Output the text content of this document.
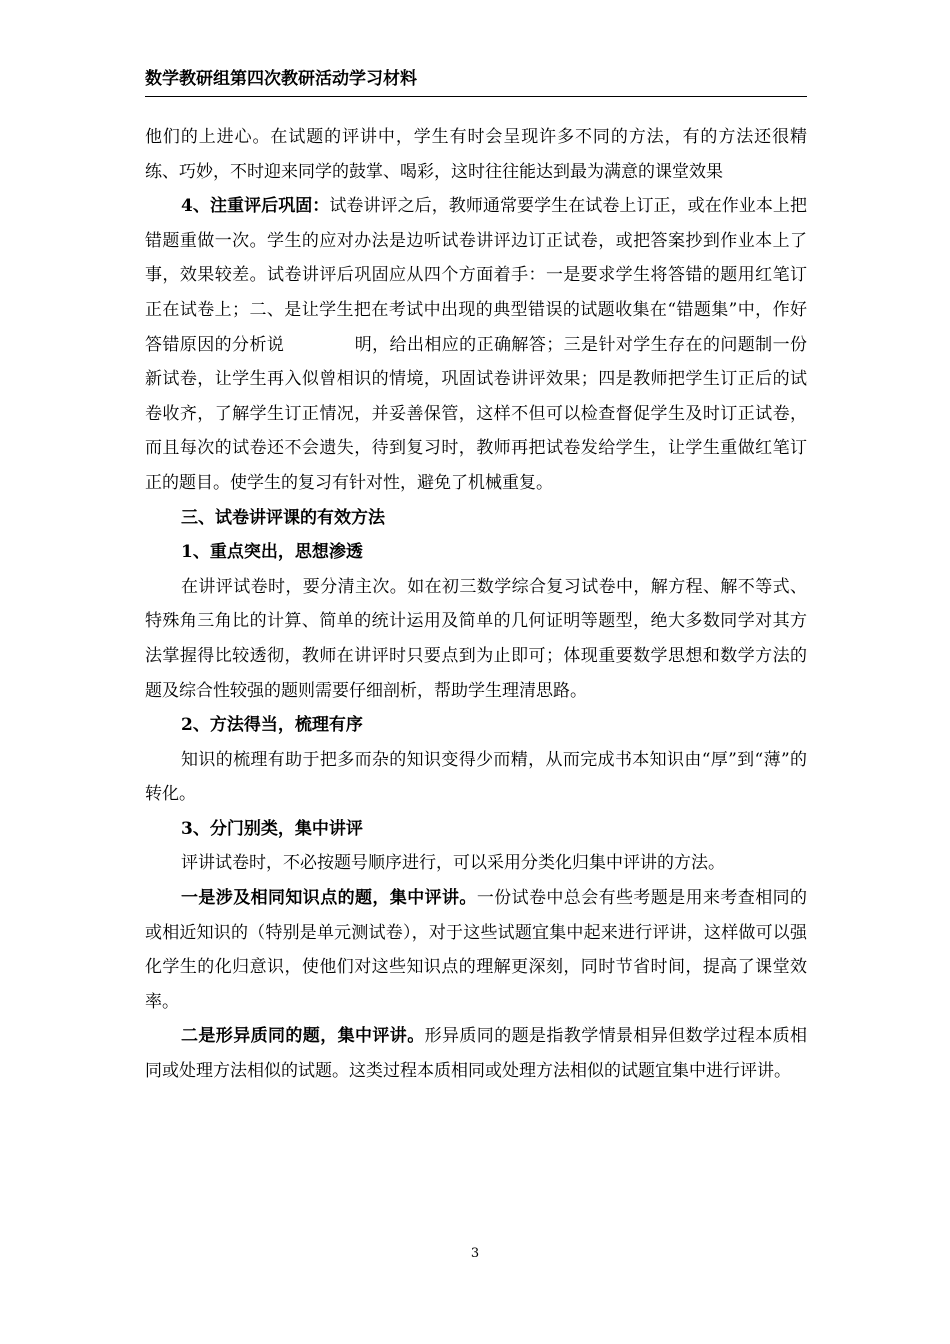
数学教研组第四次教研活动学习材料

他们的上进心。在试题的评讲中，学生有时会呈现许多不同的方法，有的方法还很精练、巧妙，不时迎来同学的鼓掌、喝彩，这时往往能达到最为满意的课堂效果

4、注重评后巩固：试卷讲评之后，教师通常要学生在试卷上订正，或在作业本上把错题重做一次。学生的应对办法是边听试卷讲评边订正试卷，或把答案抄到作业本上了事，效果较差。试卷讲评后巩固应从四个方面着手：一是要求学生将答错的题用红笔订正在试卷上；二、是让学生把在考试中出现的典型错误的试题收集在“错题集”中，作好答错原因的分析说	明，给出相应的正确解答；三是针对学生存在的问题制一份新试卷，让学生再入似曾相识的情境，巩固试卷讲评效果；四是教师把学生订正后的试卷收齐，了解学生订正情况，并妥善保管，这样不但可以检查督促学生及时订正试卷，而且每次的试卷还不会遗失，待到复习时，教师再把试卷发给学生，让学生重做红笔订正的题目。使学生的复习有针对性，避免了机械重复。

三、试卷讲评课的有效方法

1、重点突出，思想渗透

在讲评试卷时，要分清主次。如在初三数学综合复习试卷中，解方程、解不等式、特殊角三角比的计算、简单的统计运用及简单的几何证明等题型，绝大多数同学对其方法掌握得比较透彻，教师在讲评时只要点到为止即可；体现重要数学思想和数学方法的题及综合性较强的题则需要仔细剖析，帮助学生理清思路。

2、方法得当，梳理有序

知识的梳理有助于把多而杂的知识变得少而精，从而完成书本知识由“厚”到“薄”的转化。

3、分门别类，集中讲评

评讲试卷时，不必按题号顺序进行，可以采用分类化归集中评讲的方法。

一是涉及相同知识点的题，集中评讲。一份试卷中总会有些考题是用来考查相同的或相近知识的（特别是单元测试卷），对于这些试题宜集中起来进行评讲，这样做可以强化学生的化归意识，使他们对这些知识点的理解更深刻，同时节省时间，提高了课堂效率。

二是形异质同的题，集中评讲。形异质同的题是指教学情景相异但数学过程本质相同或处理方法相似的试题。这类过程本质相同或处理方法相似的试题宜集中进行评讲。

3
